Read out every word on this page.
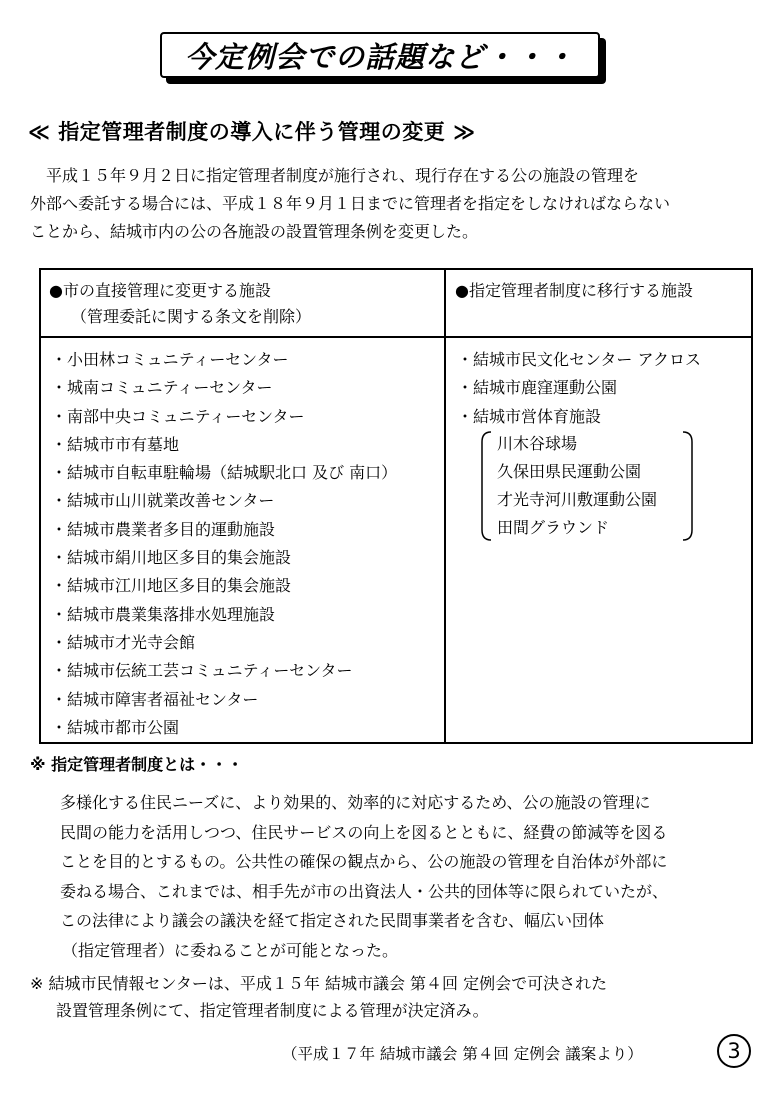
今定例会での話題など・・・
≪ 指定管理者制度の導入に伴う管理の変更 ≫

　平成１５年９月２日に指定管理者制度が施行され、現行存在する公の施設の管理を

外部へ委託する場合には、平成１８年９月１日までに管理者を指定をしなければならない

ことから、結城市内の公の各施設の設置管理条例を変更した。

●市の直接管理に変更する施設
（管理委託に関する条文を削除）
●指定管理者制度に移行する施設
・小田林コミュニティーセンター
・城南コミュニティーセンター
・南部中央コミュニティーセンター
・結城市市有墓地
・結城市自転車駐輪場（結城駅北口 及び 南口）
・結城市山川就業改善センター
・結城市農業者多目的運動施設
・結城市絹川地区多目的集会施設
・結城市江川地区多目的集会施設
・結城市農業集落排水処理施設
・結城市才光寺会館
・結城市伝統工芸コミュニティーセンター
・結城市障害者福祉センター
・結城市都市公園
・結城市民文化センター アクロス
・結城市鹿窪運動公園
・結城市営体育施設
川木谷球場
久保田県民運動公園
才光寺河川敷運動公園
田間グラウンド
※ 指定管理者制度とは・・・

多様化する住民ニーズに、より効果的、効率的に対応するため、公の施設の管理に

民間の能力を活用しつつ、住民サービスの向上を図るとともに、経費の節減等を図る

ことを目的とするもの。公共性の確保の観点から、公の施設の管理を自治体が外部に

委ねる場合、これまでは、相手先が市の出資法人・公共的団体等に限られていたが、

この法律により議会の議決を経て指定された民間事業者を含む、幅広い団体

（指定管理者）に委ねることが可能となった。

※ 結城市民情報センターは、平成１５年 結城市議会 第４回 定例会で可決された

設置管理条例にて、指定管理者制度による管理が決定済み。

（平成１７年 結城市議会 第４回 定例会 議案より）	3
